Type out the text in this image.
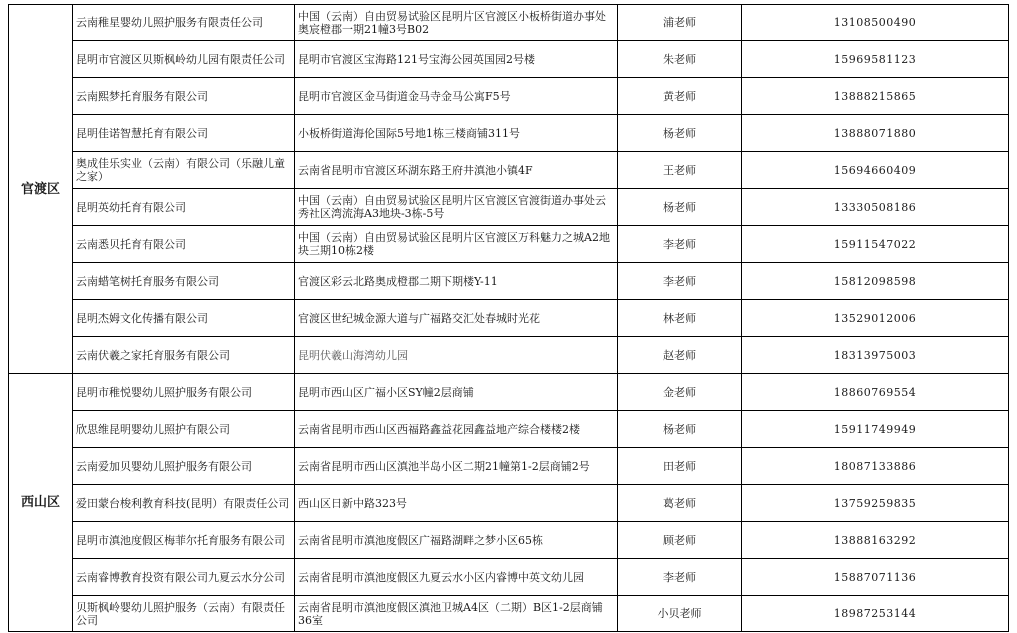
官渡区	云南稚星婴幼儿照护服务有限责任公司	中国（云南）自由贸易试验区昆明片区官渡区小板桥街道办事处奥宸橙郡一期21幢3号B02	浦老师	13108500490
	昆明市官渡区贝斯枫岭幼儿园有限责任公司	昆明市官渡区宝海路121号宝海公园英国园2号楼	朱老师	15969581123
	云南熙梦托育服务有限公司	昆明市官渡区金马街道金马寺金马公寓F5号	黄老师	13888215865
	昆明佳诺智慧托育有限公司	小板桥街道海伦国际5号地1栋三楼商铺311号	杨老师	13888071880
	奥成佳乐实业（云南）有限公司（乐融儿童之家）	云南省昆明市官渡区环湖东路王府井滇池小镇4F	王老师	15694660409
	昆明英幼托育有限公司	中国（云南）自由贸易试验区昆明片区官渡区官渡街道办事处云秀社区湾流海A3地块-3栋-5号	杨老师	13330508186
	云南悉贝托育有限公司	中国（云南）自由贸易试验区昆明片区官渡区万科魅力之城A2地块三期10栋2楼	李老师	15911547022
	云南蜡笔树托育服务有限公司	官渡区彩云北路奥成橙郡二期下期楼Y-11	李老师	15812098598
	昆明杰姆文化传播有限公司	官渡区世纪城金源大道与广福路交汇处春城时光花	林老师	13529012006
	云南伏羲之家托育服务有限公司	昆明伏羲山海湾幼儿园	赵老师	18313975003
西山区	昆明市稚悦婴幼儿照护服务有限公司	昆明市西山区广福小区SY幢2层商铺	金老师	18860769554
	欣思维昆明婴幼儿照护有限公司	云南省昆明市西山区西福路鑫益花园鑫益地产综合楼楼2楼	杨老师	15911749949
	云南爱加贝婴幼儿照护服务有限公司	云南省昆明市西山区滇池半岛小区二期21幢第1-2层商铺2号	田老师	18087133886
	爱田蒙台梭利教育科技(昆明）有限责任公司	西山区日新中路323号	葛老师	13759259835
	昆明市滇池度假区梅菲尔托育服务有限公司	云南省昆明市滇池度假区广福路湖畔之梦小区65栋	顾老师	13888163292
	云南睿博教育投资有限公司九夏云水分公司	云南省昆明市滇池度假区九夏云水小区内睿博中英文幼儿园	李老师	15887071136
	贝斯枫岭婴幼儿照护服务（云南）有限责任公司	云南省昆明市滇池度假区滇池卫城A4区（二期）B区1-2层商铺36室	小贝老师	18987253144
